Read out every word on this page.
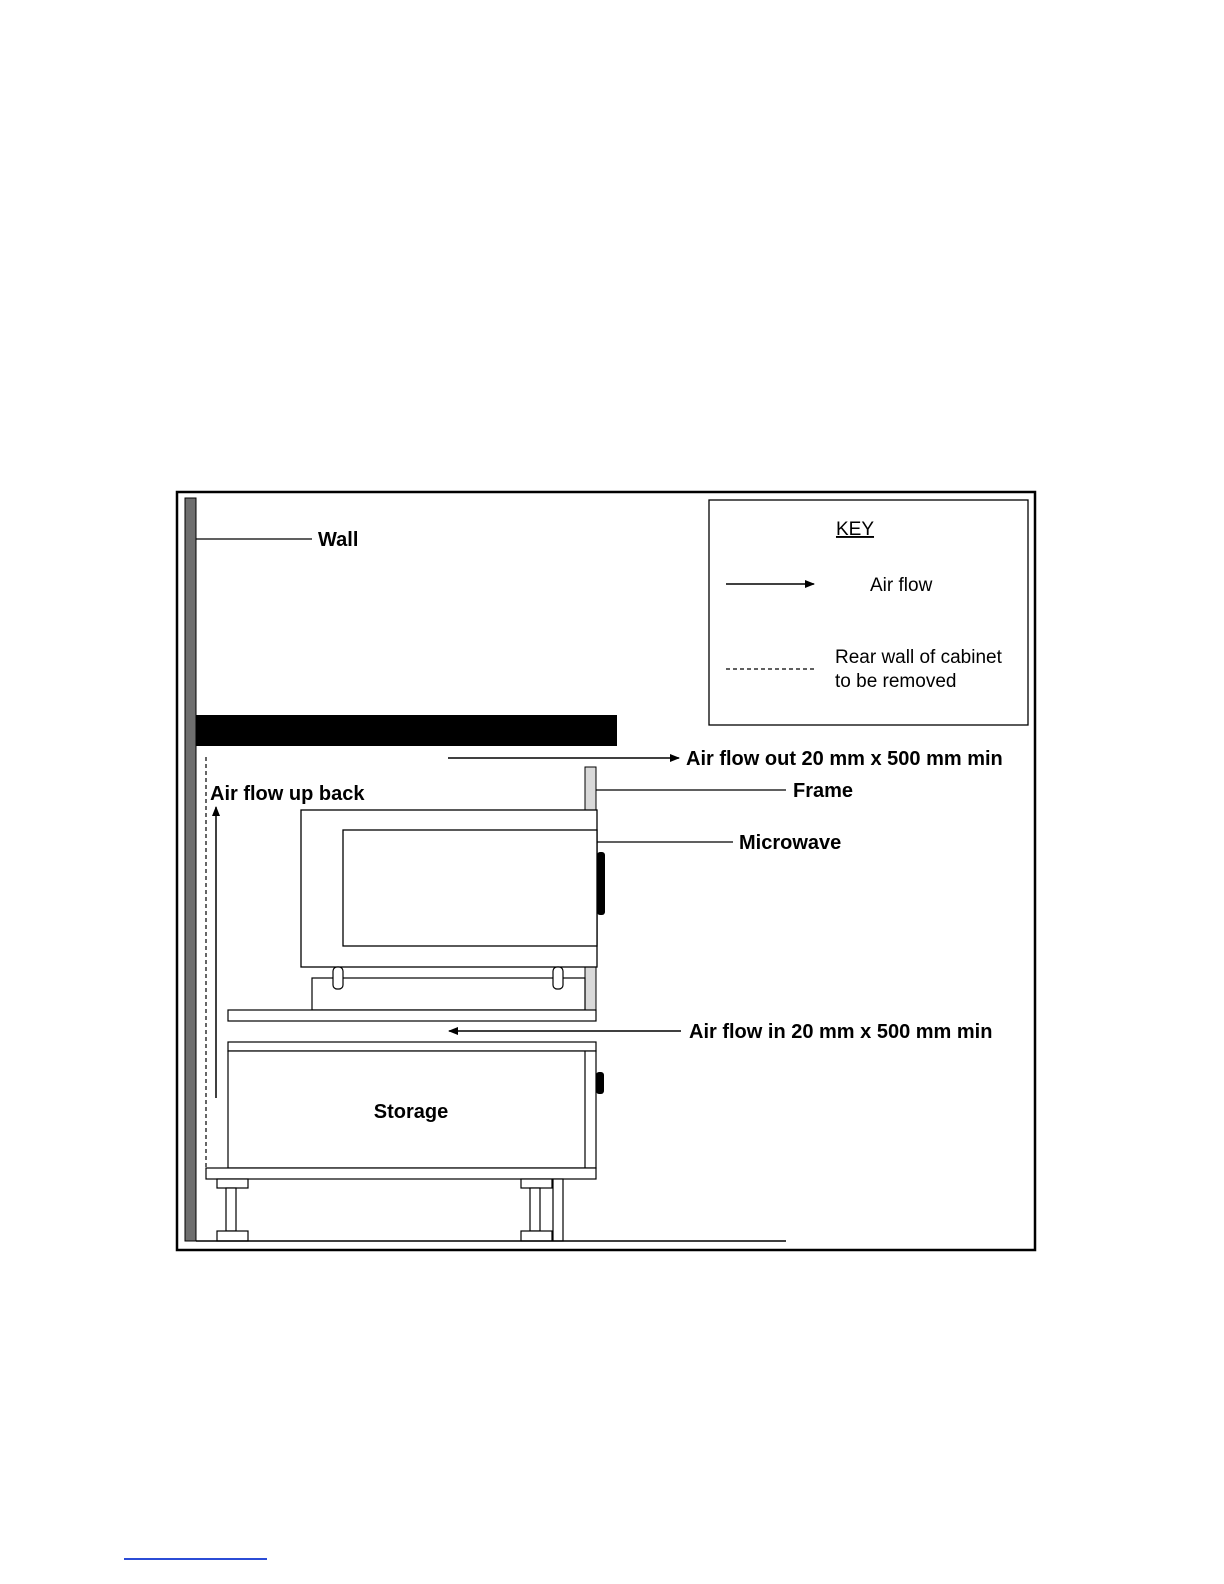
Wall
Air flow out 20 mm x 500 mm min
Frame
Air flow up back
Microwave
Air flow in 20 mm x 500 mm min
Storage
KEY
Air flow
Rear wall of cabinet
to be removed
